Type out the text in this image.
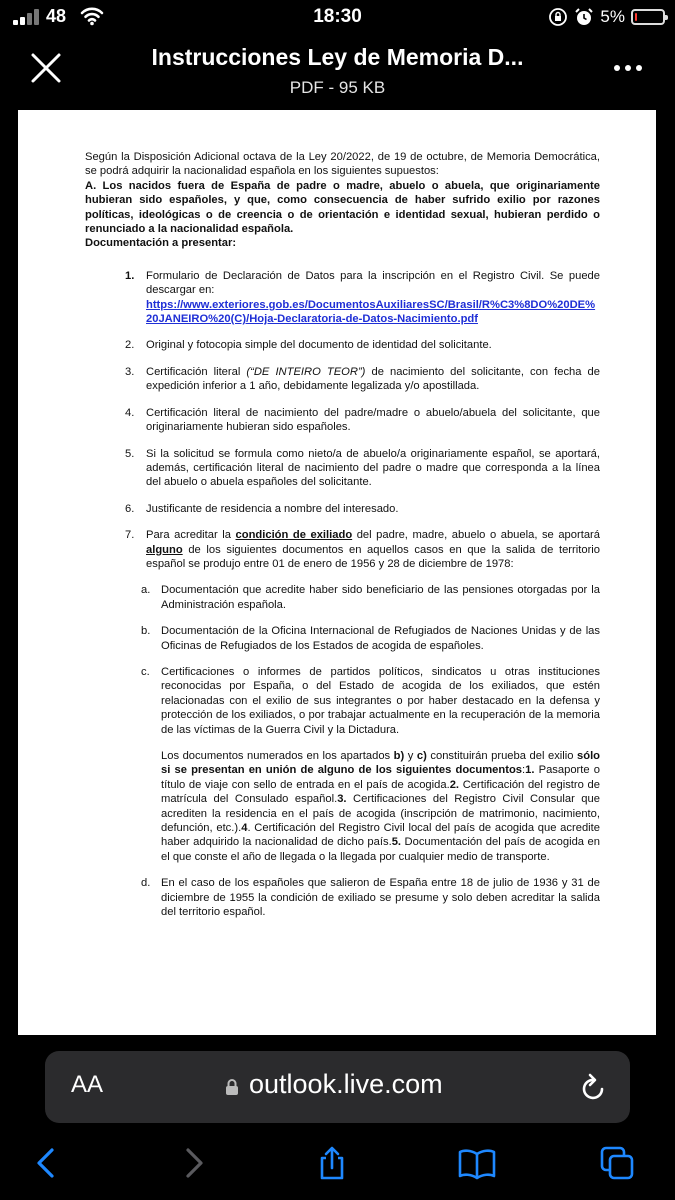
48	18:30	5%
Instrucciones Ley de Memoria D...
PDF - 95 KB

Según la Disposición Adicional octava de la Ley 20/2022, de 19 de octubre, de Memoria Democrática, se podrá adquirir la nacionalidad española en los siguientes supuestos:

A. Los nacidos fuera de España de padre o madre, abuelo o abuela, que originariamente hubieran sido españoles, y que, como consecuencia de haber sufrido exilio por razones políticas, ideológicas o de creencia o de orientación e identidad sexual, hubieran perdido o renunciado a la nacionalidad española.

Documentación a presentar:

1. Formulario de Declaración de Datos para la inscripción en el Registro Civil. Se puede descargar en:
https://www.exteriores.gob.es/DocumentosAuxiliaresSC/Brasil/R%C3%8DO%20DE%20JANEIRO%20(C)/Hoja-Declaratoria-de-Datos-Nacimiento.pdf
2. Original y fotocopia simple del documento de identidad del solicitante.
3. Certificación literal (“DE INTEIRO TEOR”) de nacimiento del solicitante, con fecha de expedición inferior a 1 año, debidamente legalizada y/o apostillada.
4. Certificación literal de nacimiento del padre/madre o abuelo/abuela del solicitante, que originariamente hubieran sido españoles.
5. Si la solicitud se formula como nieto/a de abuelo/a originariamente español, se aportará, además, certificación literal de nacimiento del padre o madre que corresponda a la línea del abuelo o abuela españoles del solicitante.
6. Justificante de residencia a nombre del interesado.
7. Para acreditar la condición de exiliado del padre, madre, abuelo o abuela, se aportará alguno de los siguientes documentos en aquellos casos en que la salida de territorio español se produjo entre 01 de enero de 1956 y 28 de diciembre de 1978:
a. Documentación que acredite haber sido beneficiario de las pensiones otorgadas por la Administración española.
b. Documentación de la Oficina Internacional de Refugiados de Naciones Unidas y de las Oficinas de Refugiados de los Estados de acogida de españoles.
c. Certificaciones o informes de partidos políticos, sindicatos u otras instituciones reconocidas por España, o del Estado de acogida de los exiliados, que estén relacionadas con el exilio de sus integrantes o por haber destacado en la defensa y protección de los exiliados, o por trabajar actualmente en la recuperación de la memoria de las víctimas de la Guerra Civil y la Dictadura.
Los documentos numerados en los apartados b) y c) constituirán prueba del exilio sólo si se presentan en unión de alguno de los siguientes documentos:1. Pasaporte o título de viaje con sello de entrada en el país de acogida.2. Certificación del registro de matrícula del Consulado español.3. Certificaciones del Registro Civil Consular que acrediten la residencia en el país de acogida (inscripción de matrimonio, nacimiento, defunción, etc.).4. Certificación del Registro Civil local del país de acogida que acredite haber adquirido la nacionalidad de dicho país.5. Documentación del país de acogida en el que conste el año de llegada o la llegada por cualquier medio de transporte.
d. En el caso de los españoles que salieron de España entre 18 de julio de 1936 y 31 de diciembre de 1955 la condición de exiliado se presume y solo deben acreditar la salida del territorio español.
AA	outlook.live.com
